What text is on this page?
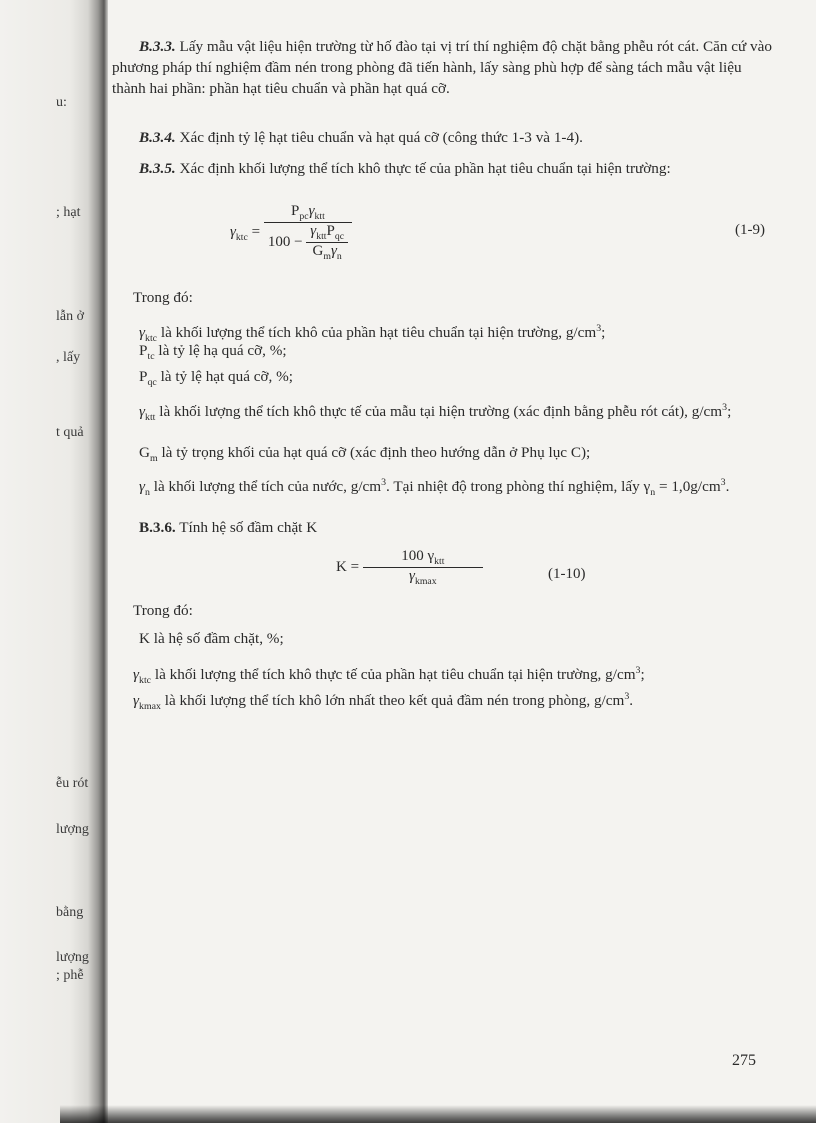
u:
; hạt
lẫn ở
, lấy
t quả
ễu rót
lượng
bằng
lượng
; phễ
B.3.3. Lấy mẫu vật liệu hiện trường từ hố đào tại vị trí thí nghiệm độ chặt bằng phễu rót cát. Căn cứ vào phương pháp thí nghiệm đầm nén trong phòng đã tiến hành, lấy sàng phù hợp để sàng tách mẫu vật liệu thành hai phần: phần hạt tiêu chuẩn và phần hạt quá cỡ.
B.3.4. Xác định tỷ lệ hạt tiêu chuẩn và hạt quá cỡ (công thức 1-3 và 1-4).
B.3.5. Xác định khối lượng thể tích khô thực tế của phần hạt tiêu chuẩn tại hiện trường:
$\gamma_{ktc} = \frac{P_{pc}\gamma_{ktt}}{100 - \frac{\gamma_{ktt}P_{qc}}{G_m\gamma_n}}$	(1-9)
Trong đó:
$\gamma_{ktc}$ là khối lượng thể tích khô của phần hạt tiêu chuẩn tại hiện trường, $g/cm^3$;
$P_{tc}$ là tỷ lệ hạ quá cỡ, %;
$P_{qc}$ là tỷ lệ hạt quá cỡ, %;
$\gamma_{ktt}$ là khối lượng thể tích khô thực tế của mẫu tại hiện trường (xác định bằng phễu rót cát), $g/cm^3$;
$G_m$ là tỷ trọng khối của hạt quá cỡ (xác định theo hướng dẫn ở Phụ lục C);
$\gamma_n$ là khối lượng thể tích của nước, $g/cm^3$. Tại nhiệt độ trong phòng thí nghiệm, lấy $\gamma_n = 1,0g/cm^3$.
B.3.6. Tính hệ số đầm chặt K
$K = \frac{100 \gamma_{ktt}}{\gamma_{kmax}}$	(1-10)
Trong đó:
K là hệ số đầm chặt, %;
$\gamma_{ktc}$ là khối lượng thể tích khô thực tế của phần hạt tiêu chuẩn tại hiện trường, $g/cm^3$;
$\gamma_{kmax}$ là khối lượng thể tích khô lớn nhất theo kết quả đầm nén trong phòng, $g/cm^3$.
275
